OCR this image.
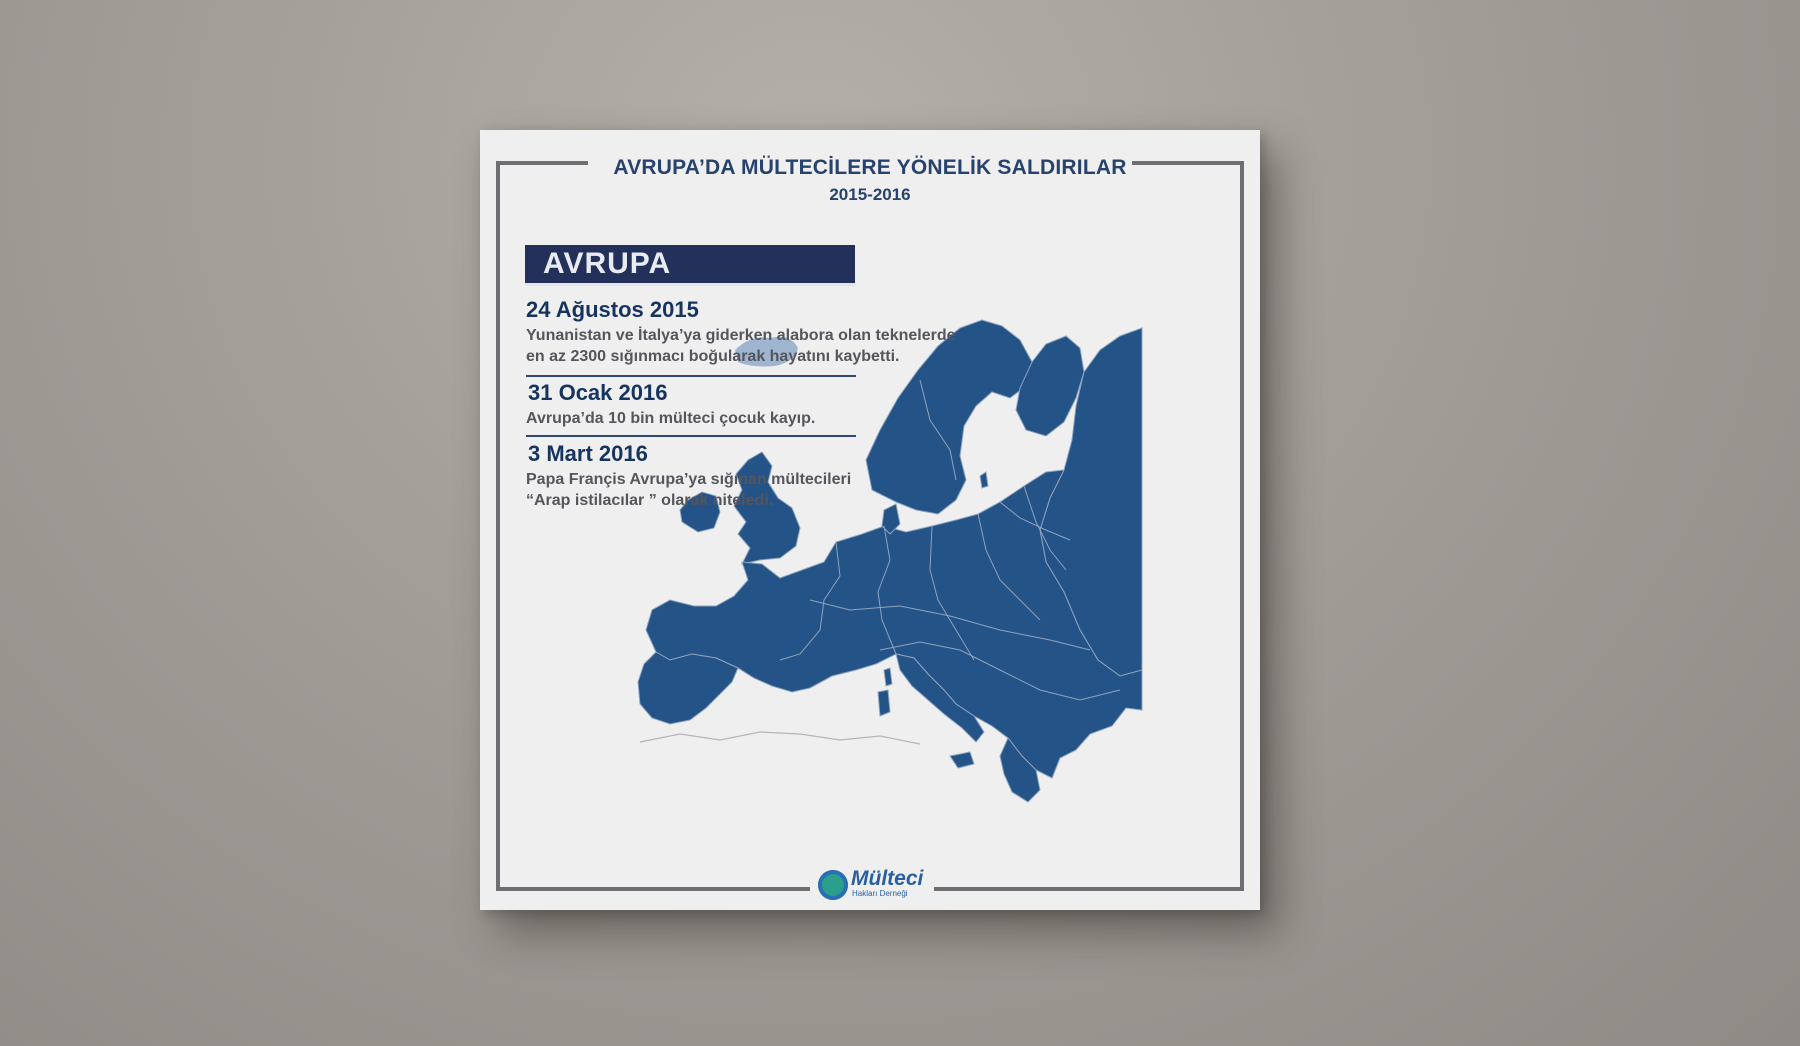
AVRUPA’DA MÜLTECİLERE YÖNELİK SALDIRILAR
2015-2016
AVRUPA
24 Ağustos 2015
Yunanistan ve İtalya’ya giderken alabora olan teknelerde
en az 2300 sığınmacı boğularak hayatını kaybetti.
31 Ocak 2016
Avrupa’da 10 bin mülteci çocuk kayıp.
3 Mart 2016
Papa Françis Avrupa’ya sığınan mültecileri
“Arap istilacılar ” olarak niteledi.
Mülteci
Hakları Derneği
